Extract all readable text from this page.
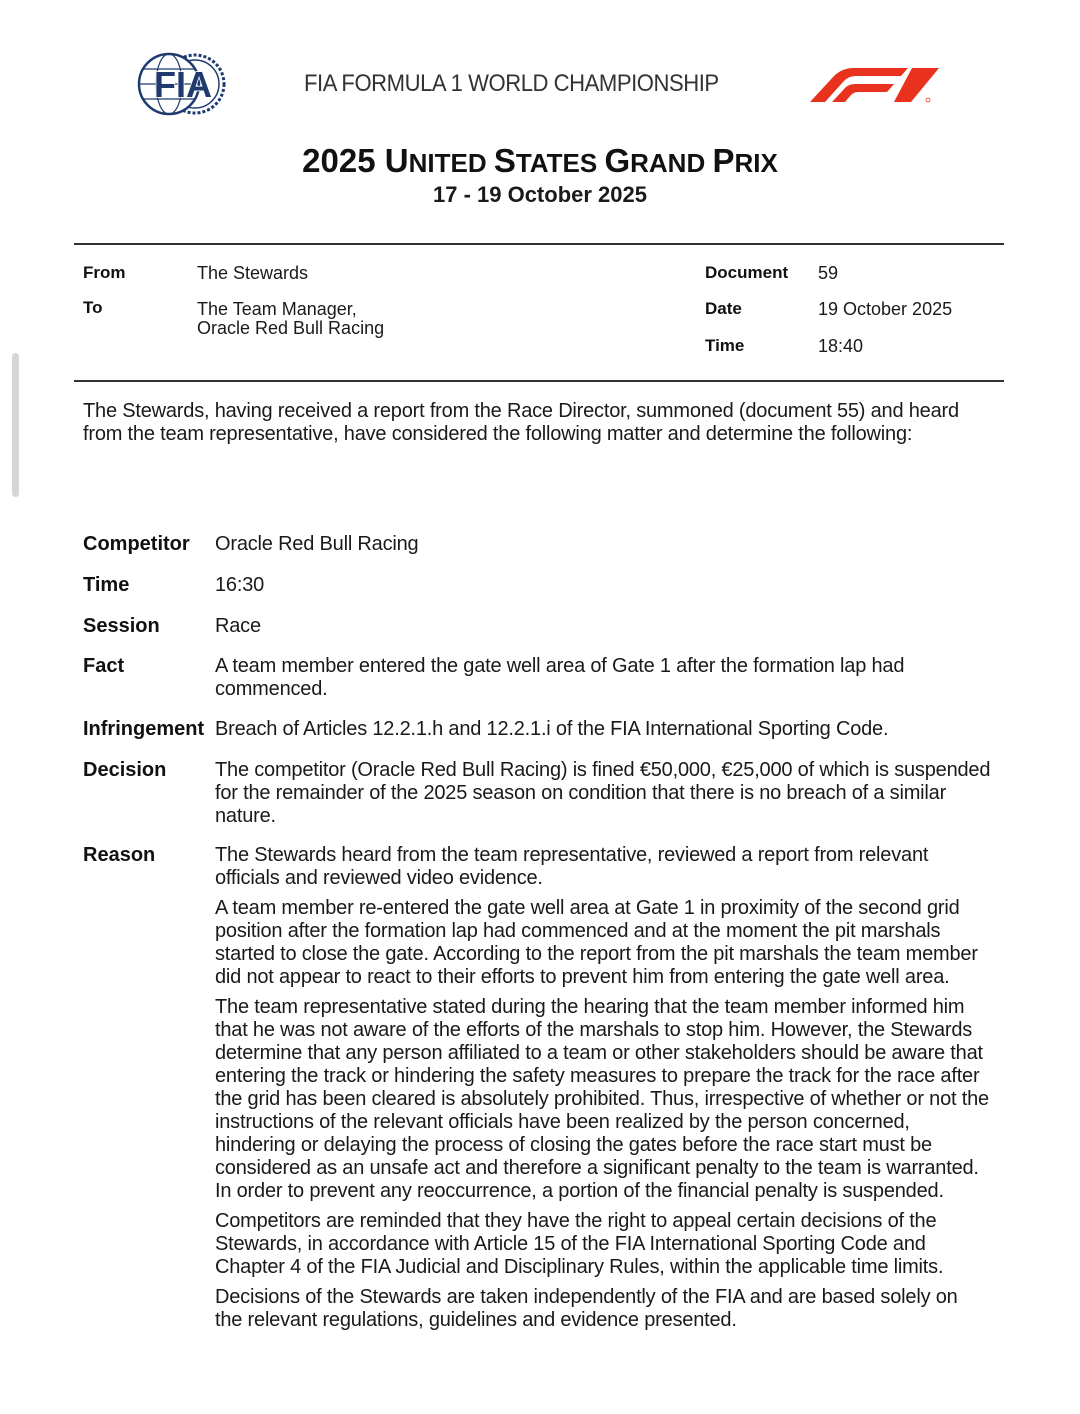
FIA	FIA FORMULA 1 WORLD CHAMPIONSHIP
2025 UNITED STATES GRAND PRIX
17 - 19 October 2025
From	The Stewards
To	The Team Manager,
Oracle Red Bull Racing
Document 59
Date	19 October 2025
Time	18:40
The Stewards, having received a report from the Race Director, summoned (document 55) and heard from the team representative, have considered the following matter and determine the following:
Competitor Oracle Red Bull Racing
Time	16:30
Session	Race
Fact	A team member entered the gate well area of Gate 1 after the formation lap had commenced.
Infringement Breach of Articles 12.2.1.h and 12.2.1.i of the FIA International Sporting Code.
Decision The competitor (Oracle Red Bull Racing) is fined €50,000, €25,000 of which is suspended for the remainder of the 2025 season on condition that there is no breach of a similar nature.
Reason	The Stewards heard from the team representative, reviewed a report from relevant officials and reviewed video evidence.

A team member re-entered the gate well area at Gate 1 in proximity of the second grid position after the formation lap had commenced and at the moment the pit marshals started to close the gate. According to the report from the pit marshals the team member did not appear to react to their efforts to prevent him from entering the gate well area.

The team representative stated during the hearing that the team member informed him that he was not aware of the efforts of the marshals to stop him. However, the Stewards determine that any person affiliated to a team or other stakeholders should be aware that entering the track or hindering the safety measures to prepare the track for the race after the grid has been cleared is absolutely prohibited. Thus, irrespective of whether or not the instructions of the relevant officials have been realized by the person concerned, hindering or delaying the process of closing the gates before the race start must be considered as an unsafe act and therefore a significant penalty to the team is warranted. In order to prevent any reoccurrence, a portion of the financial penalty is suspended.

Competitors are reminded that they have the right to appeal certain decisions of the Stewards, in accordance with Article 15 of the FIA International Sporting Code and Chapter 4 of the FIA Judicial and Disciplinary Rules, within the applicable time limits.

Decisions of the Stewards are taken independently of the FIA and are based solely on the relevant regulations, guidelines and evidence presented.
